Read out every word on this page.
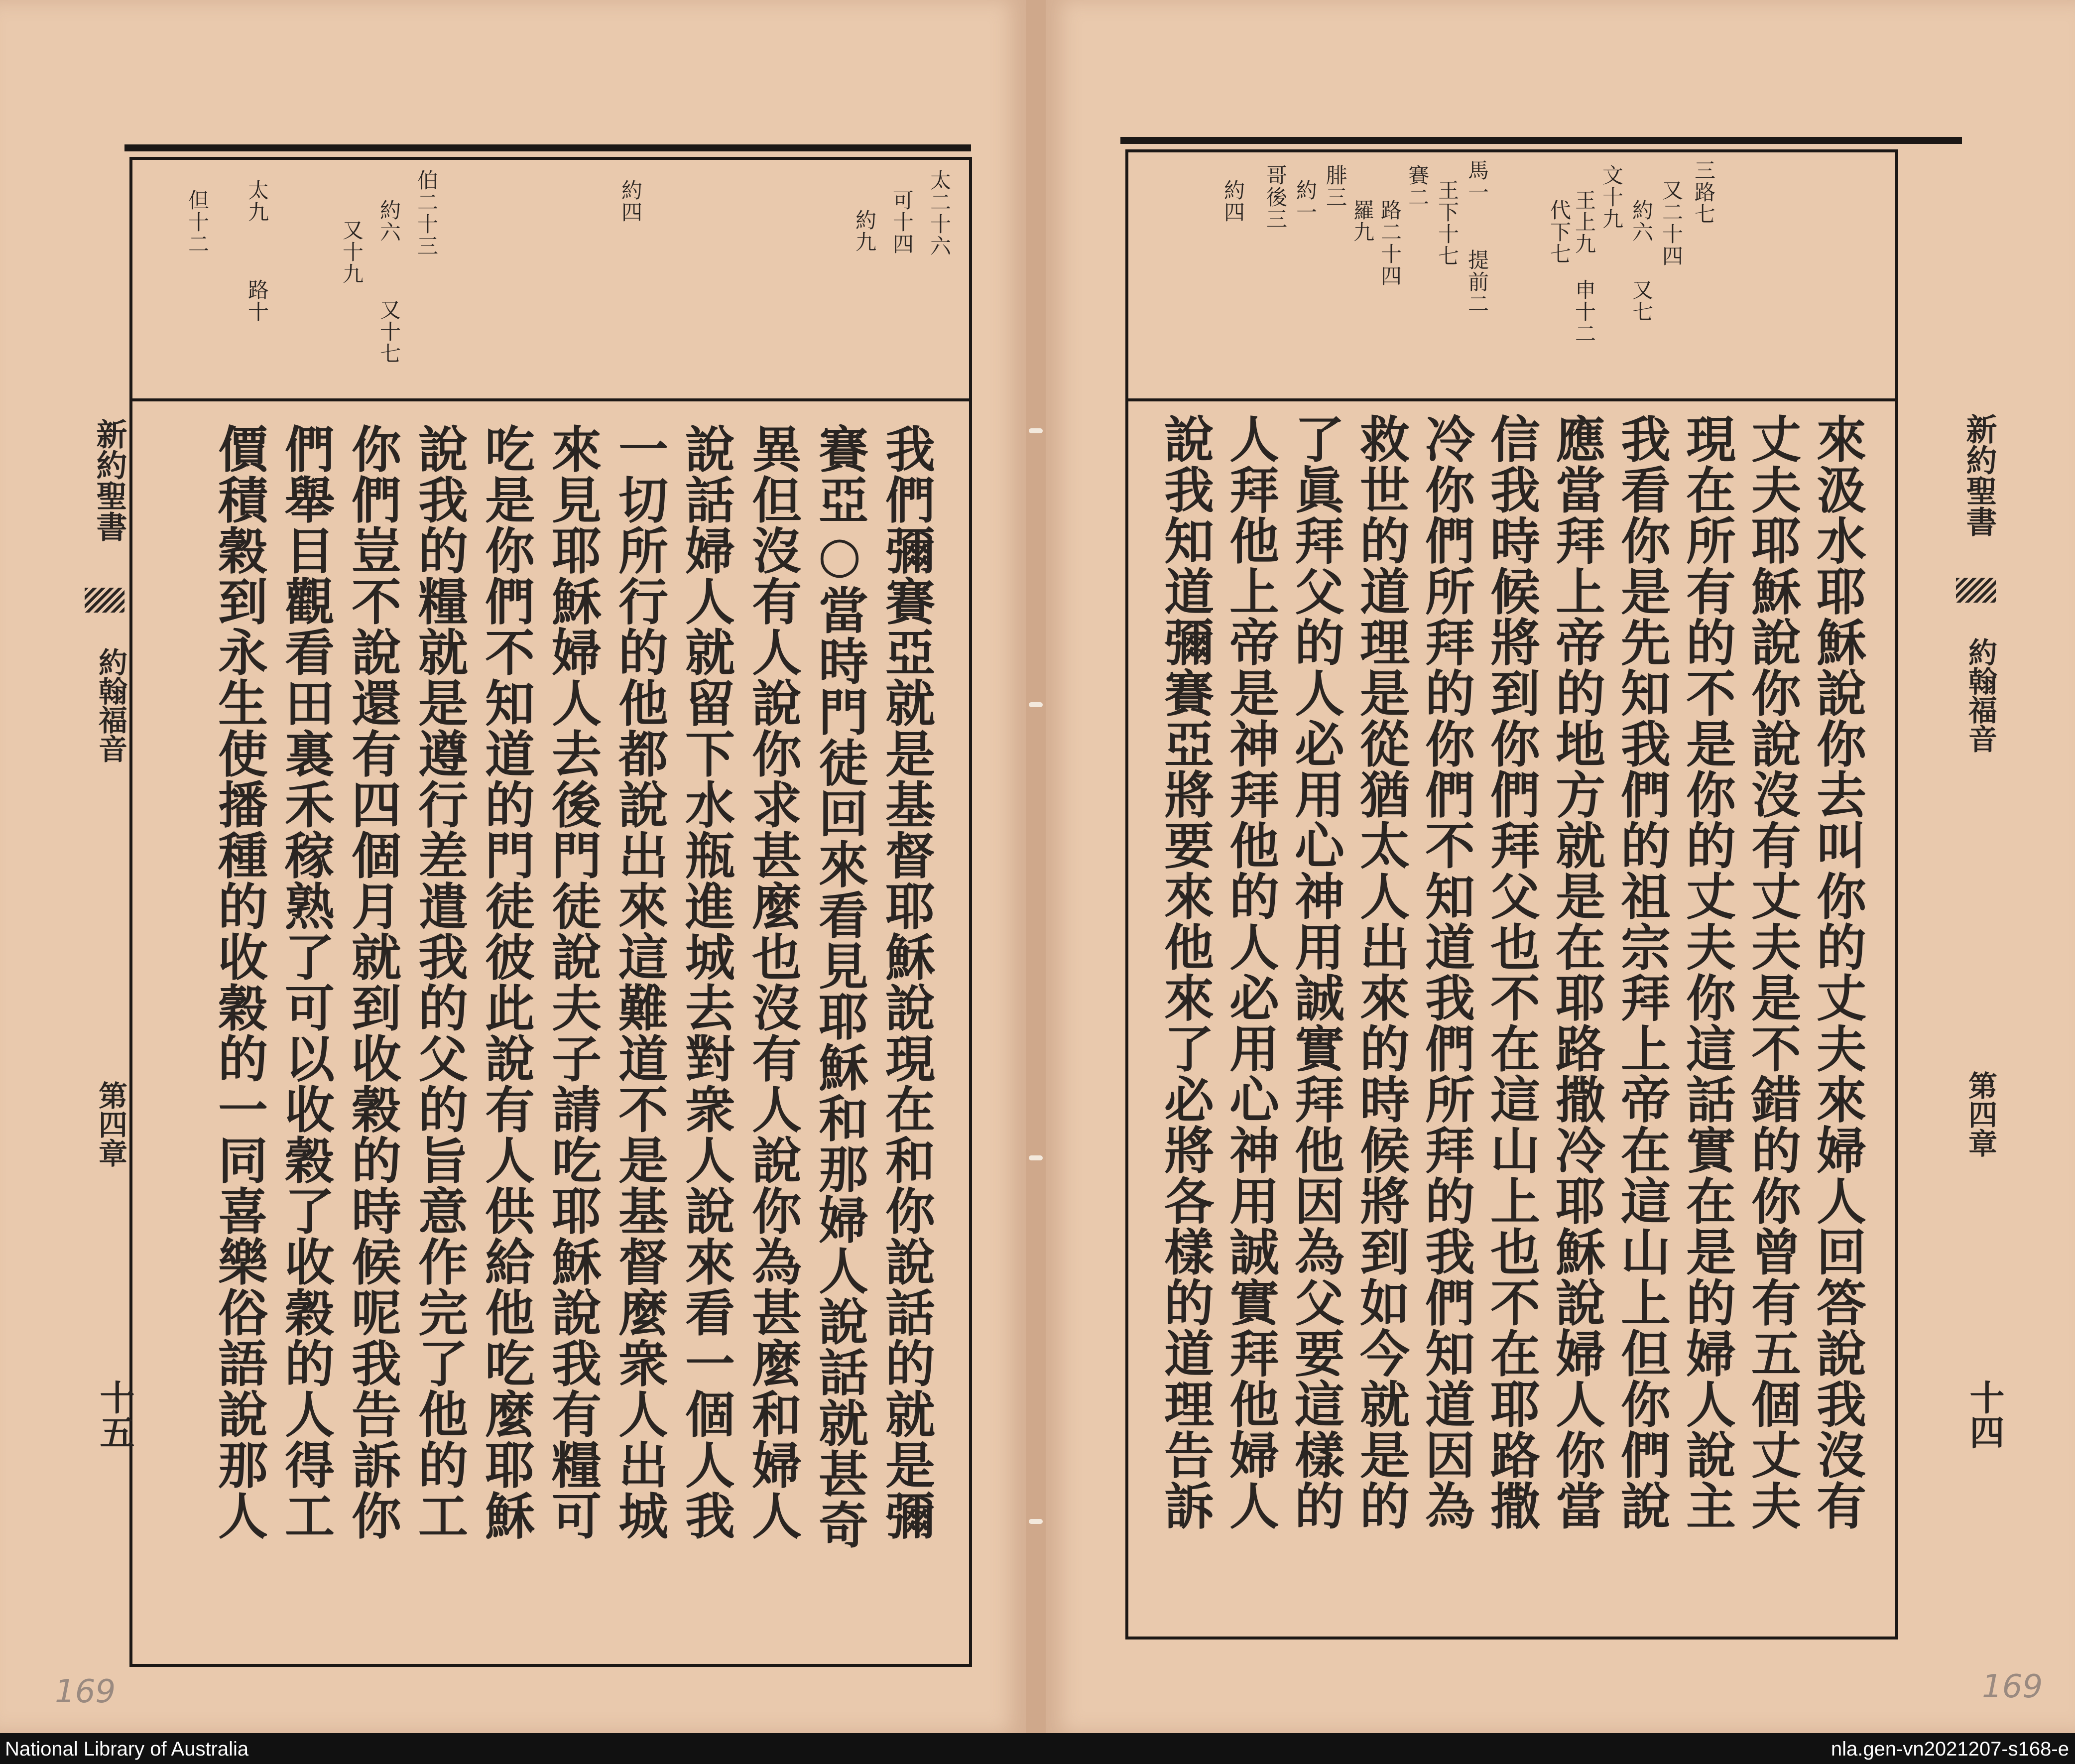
太二十六
可十四
約九
約四
伯二十三
約六
又十七
又十九
太九
路十
但十二
我們彌賽亞就是基督耶穌說現在和你說話的就是彌
賽亞○當時門徒回來看見耶穌和那婦人說話就甚奇
異但沒有人說你求甚麼也沒有人說你為甚麼和婦人
說話婦人就留下水瓶進城去對衆人說來看一個人我
一切所行的他都說出來這難道不是基督麼衆人出城
來見耶穌婦人去後門徒說夫子請吃耶穌說我有糧可
吃是你們不知道的門徒彼此說有人供給他吃麼耶穌
說我的糧就是遵行差遣我的父的旨意作完了他的工
你們豈不說還有四個月就到收穀的時候呢我告訴你
們舉目觀看田裏禾稼熟了可以收穀了收穀的人得工
價積穀到永生使播種的收穀的一同喜樂俗語說那人
新約聖書
約翰福音
第四章
十五
169
三路七
又二十四
約六
又七
文十九
王上九
代下七
申十二
馬一
提前二
王下十七
賽二
路二十四
羅九
腓三
約一
哥後三
約四
來汲水耶穌說你去叫你的丈夫來婦人回答說我沒有
丈夫耶穌說你說沒有丈夫是不錯的你曾有五個丈夫
現在所有的不是你的丈夫你這話實在是的婦人說主
我看你是先知我們的祖宗拜上帝在這山上但你們說
應當拜上帝的地方就是在耶路撒冷耶穌說婦人你當
信我時候將到你們拜父也不在這山上也不在耶路撒
冷你們所拜的你們不知道我們所拜的我們知道因為
救世的道理是從猶太人出來的時候將到如今就是的
了眞拜父的人必用心神用誠實拜他因為父要這樣的
人拜他上帝是神拜他的人必用心神用誠實拜他婦人
說我知道彌賽亞將要來他來了必將各樣的道理告訴	新約聖書
約翰福音
第四章
十四
169
National Library of Australia	nla.gen-vn2021207-s168-e
